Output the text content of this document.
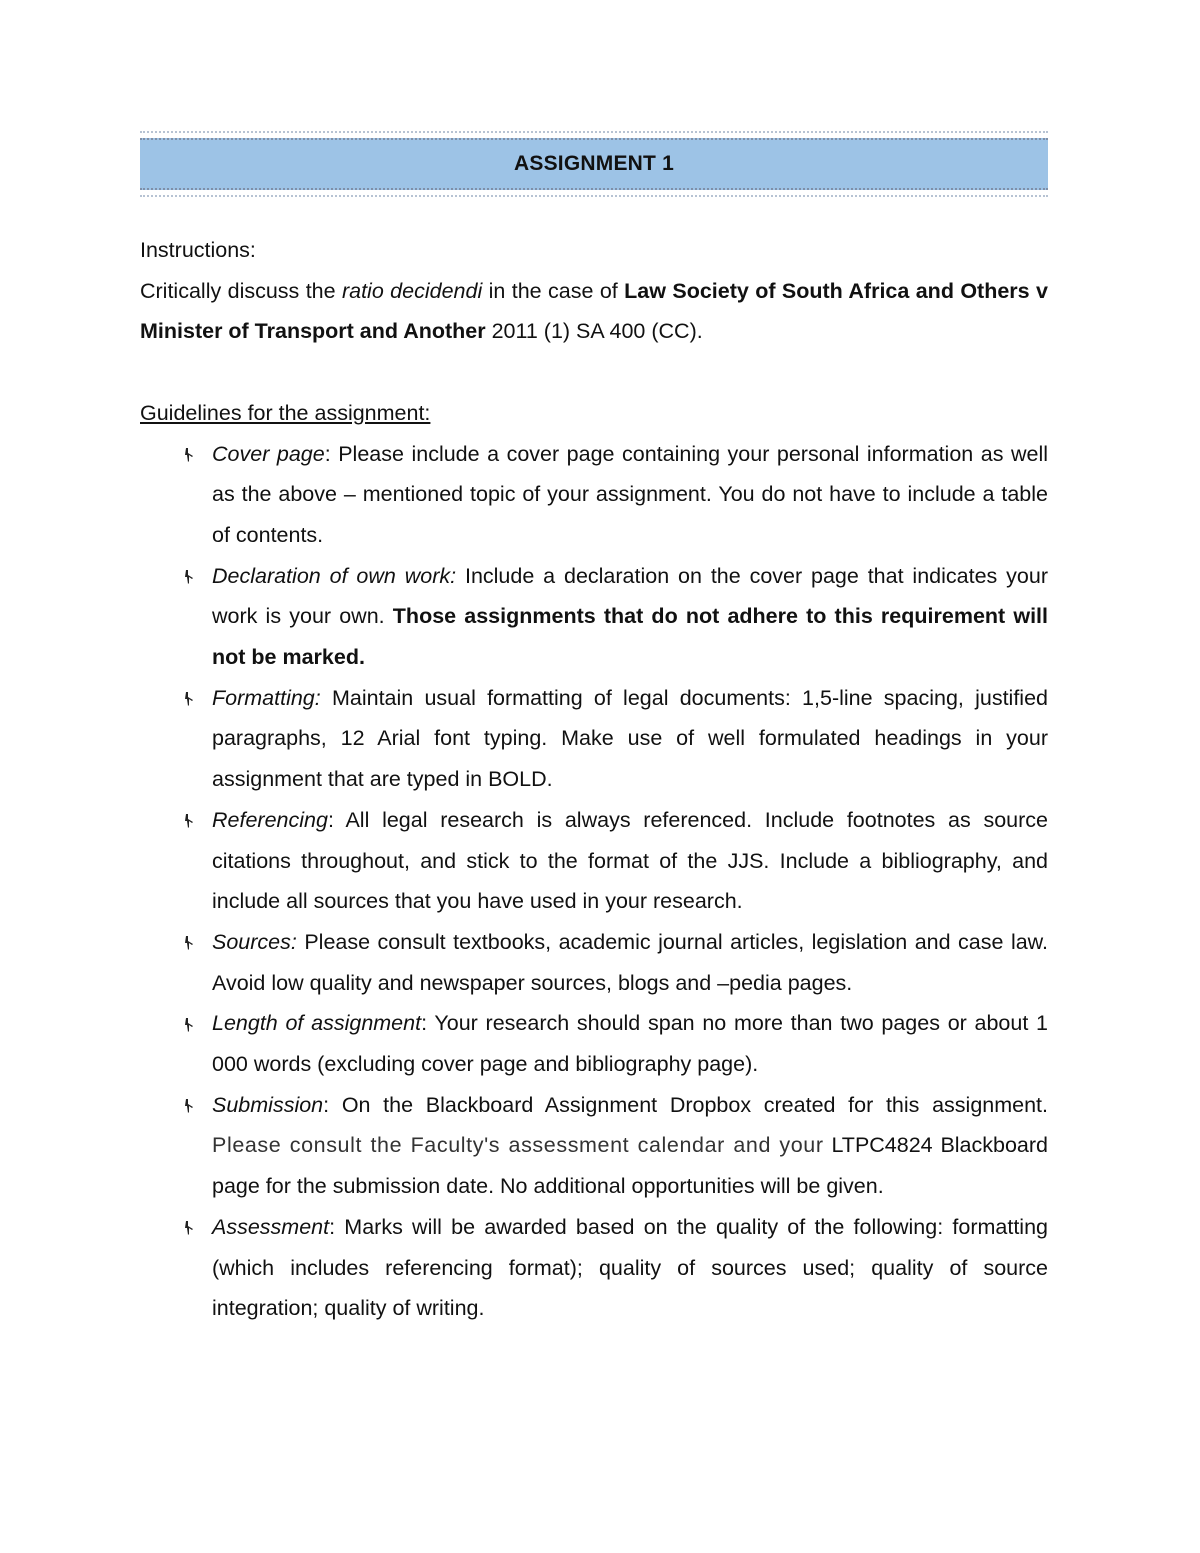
ASSIGNMENT 1

Instructions:

Critically discuss the ratio decidendi in the case of Law Society of South Africa and Others v Minister of Transport and Another 2011 (1) SA 400 (CC).

Guidelines for the assignment:

Cover page: Please include a cover page containing your personal information as well as the above – mentioned topic of your assignment. You do not have to include a table of contents.
Declaration of own work: Include a declaration on the cover page that indicates your work is your own. Those assignments that do not adhere to this requirement will not be marked.
Formatting: Maintain usual formatting of legal documents: 1,5-line spacing, justified paragraphs, 12 Arial font typing. Make use of well formulated headings in your assignment that are typed in BOLD.
Referencing: All legal research is always referenced. Include footnotes as source citations throughout, and stick to the format of the JJS. Include a bibliography, and include all sources that you have used in your research.
Sources: Please consult textbooks, academic journal articles, legislation and case law. Avoid low quality and newspaper sources, blogs and –pedia pages.
Length of assignment: Your research should span no more than two pages or about 1 000 words (excluding cover page and bibliography page).
Submission: On the Blackboard Assignment Dropbox created for this assignment. Please consult the Faculty's assessment calendar and your LTPC4824 Blackboard page for the submission date. No additional opportunities will be given.
Assessment: Marks will be awarded based on the quality of the following: formatting (which includes referencing format); quality of sources used; quality of source integration; quality of writing.
